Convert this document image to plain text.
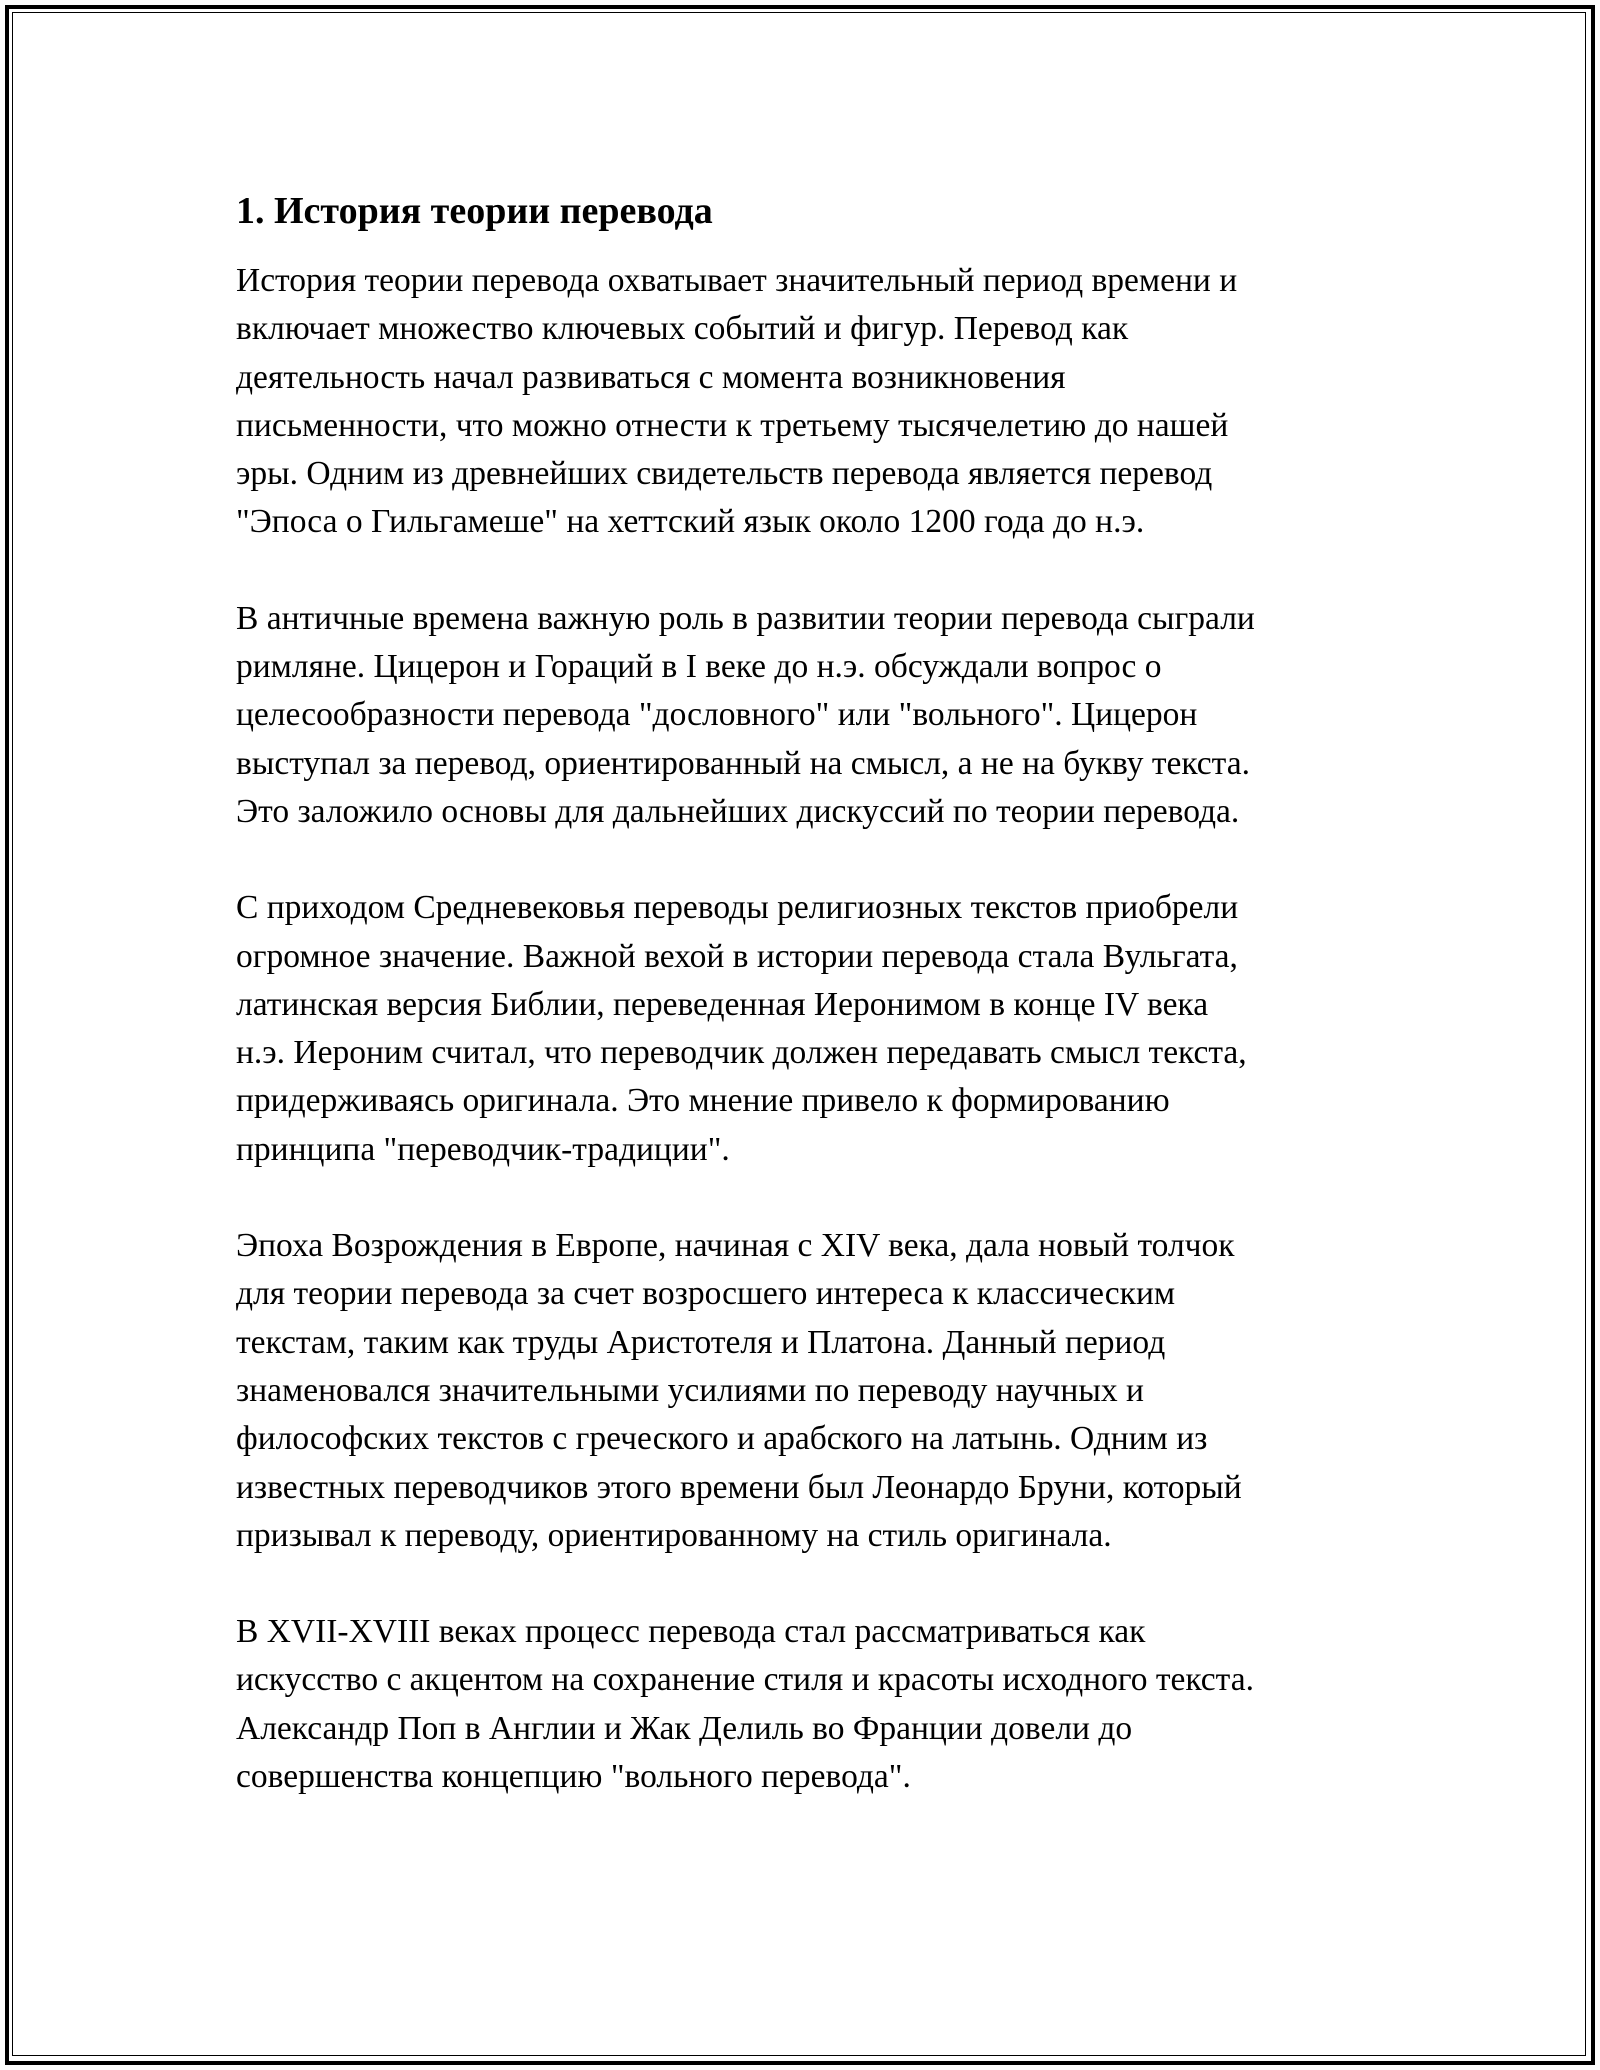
1. История теории перевода

История теории перевода охватывает значительный период времени и
включает множество ключевых событий и фигур. Перевод как
деятельность начал развиваться с момента возникновения
письменности, что можно отнести к третьему тысячелетию до нашей
эры. Одним из древнейших свидетельств перевода является перевод
"Эпоса о Гильгамеше" на хеттский язык около 1200 года до н.э.

В античные времена важную роль в развитии теории перевода сыграли
римляне. Цицерон и Гораций в I веке до н.э. обсуждали вопрос о
целесообразности перевода "дословного" или "вольного". Цицерон
выступал за перевод, ориентированный на смысл, а не на букву текста.
Это заложило основы для дальнейших дискуссий по теории перевода.

С приходом Средневековья переводы религиозных текстов приобрели
огромное значение. Важной вехой в истории перевода стала Вульгата,
латинская версия Библии, переведенная Иеронимом в конце IV века
н.э. Иероним считал, что переводчик должен передавать смысл текста,
придерживаясь оригинала. Это мнение привело к формированию
принципа "переводчик-традиции".

Эпоха Возрождения в Европе, начиная с XIV века, дала новый толчок
для теории перевода за счет возросшего интереса к классическим
текстам, таким как труды Аристотеля и Платона. Данный период
знаменовался значительными усилиями по переводу научных и
философских текстов с греческого и арабского на латынь. Одним из
известных переводчиков этого времени был Леонардо Бруни, который
призывал к переводу, ориентированному на стиль оригинала.

В XVII-XVIII веках процесс перевода стал рассматриваться как
искусство с акцентом на сохранение стиля и красоты исходного текста.
Александр Поп в Англии и Жак Делиль во Франции довели до
совершенства концепцию "вольного перевода".
